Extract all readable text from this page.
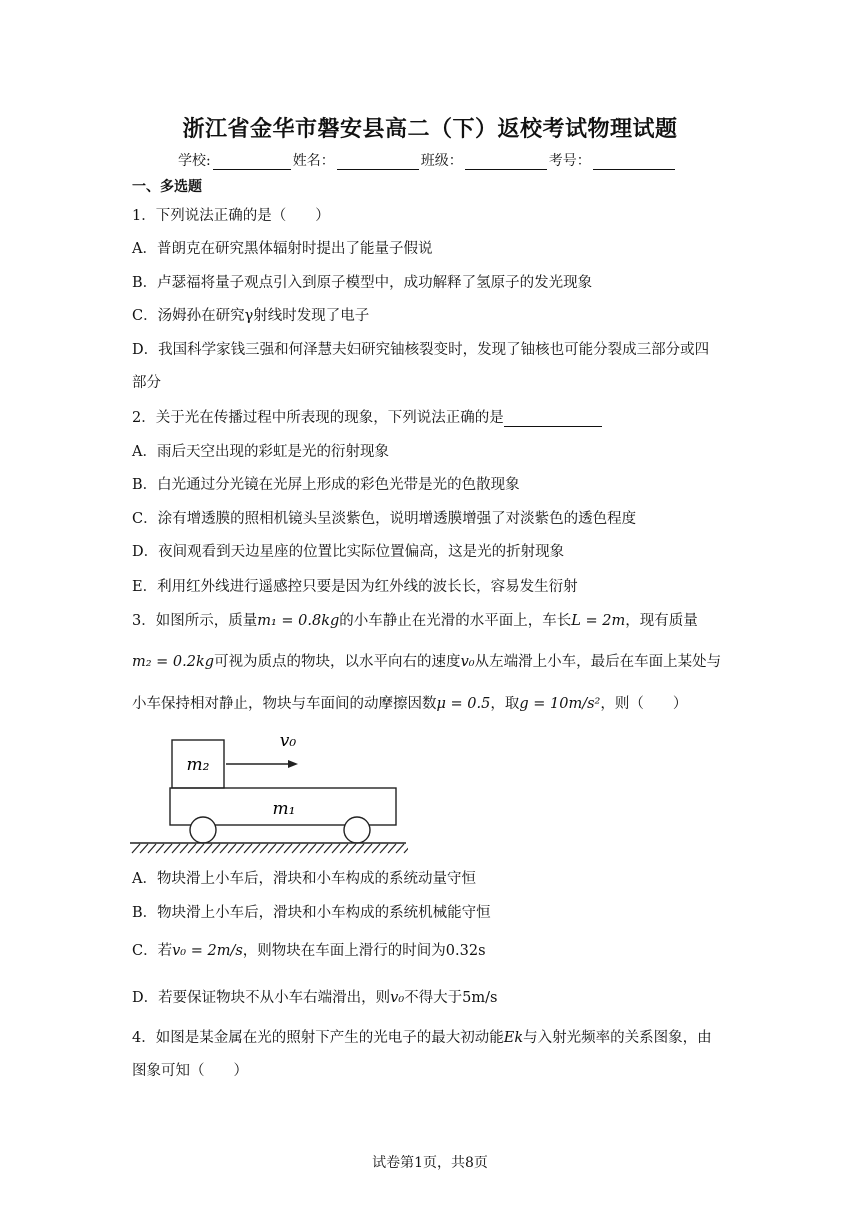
浙江省金华市磐安县高二（下）返校考试物理试题
学校:	姓名：	班级：	考号：
一、多选题
1．下列说法正确的是（　　）
A．普朗克在研究黑体辐射时提出了能量子假说
B．卢瑟福将量子观点引入到原子模型中，成功解释了氢原子的发光现象
C．汤姆孙在研究γ射线时发现了电子
D．我国科学家钱三强和何泽慧夫妇研究铀核裂变时，发现了铀核也可能分裂成三部分或四
部分
2．关于光在传播过程中所表现的现象，下列说法正确的是
A．雨后天空出现的彩虹是光的衍射现象
B．白光通过分光镜在光屏上形成的彩色光带是光的色散现象
C．涂有增透膜的照相机镜头呈淡紫色，说明增透膜增强了对淡紫色的透色程度
D．夜间观看到天边星座的位置比实际位置偏高，这是光的折射现象
E．利用红外线进行遥感控只要是因为红外线的波长长，容易发生衍射
3．如图所示，质量m₁ = 0.8kg的小车静止在光滑的水平面上，车长L = 2m，现有质量
m₂ = 0.2kg可视为质点的物块，以水平向右的速度v₀从左端滑上小车，最后在车面上某处与
小车保持相对静止，物块与车面间的动摩擦因数μ = 0.5，取g = 10m/s²，则（　　）
m₂
v₀
m₁
A．物块滑上小车后，滑块和小车构成的系统动量守恒
B．物块滑上小车后，滑块和小车构成的系统机械能守恒
C．若v₀ = 2m/s，则物块在车面上滑行的时间为0.32s
D．若要保证物块不从小车右端滑出，则v₀不得大于5m/s
4．如图是某金属在光的照射下产生的光电子的最大初动能Ek与入射光频率的关系图象，由
图象可知（　　）
试卷第1页，共8页
